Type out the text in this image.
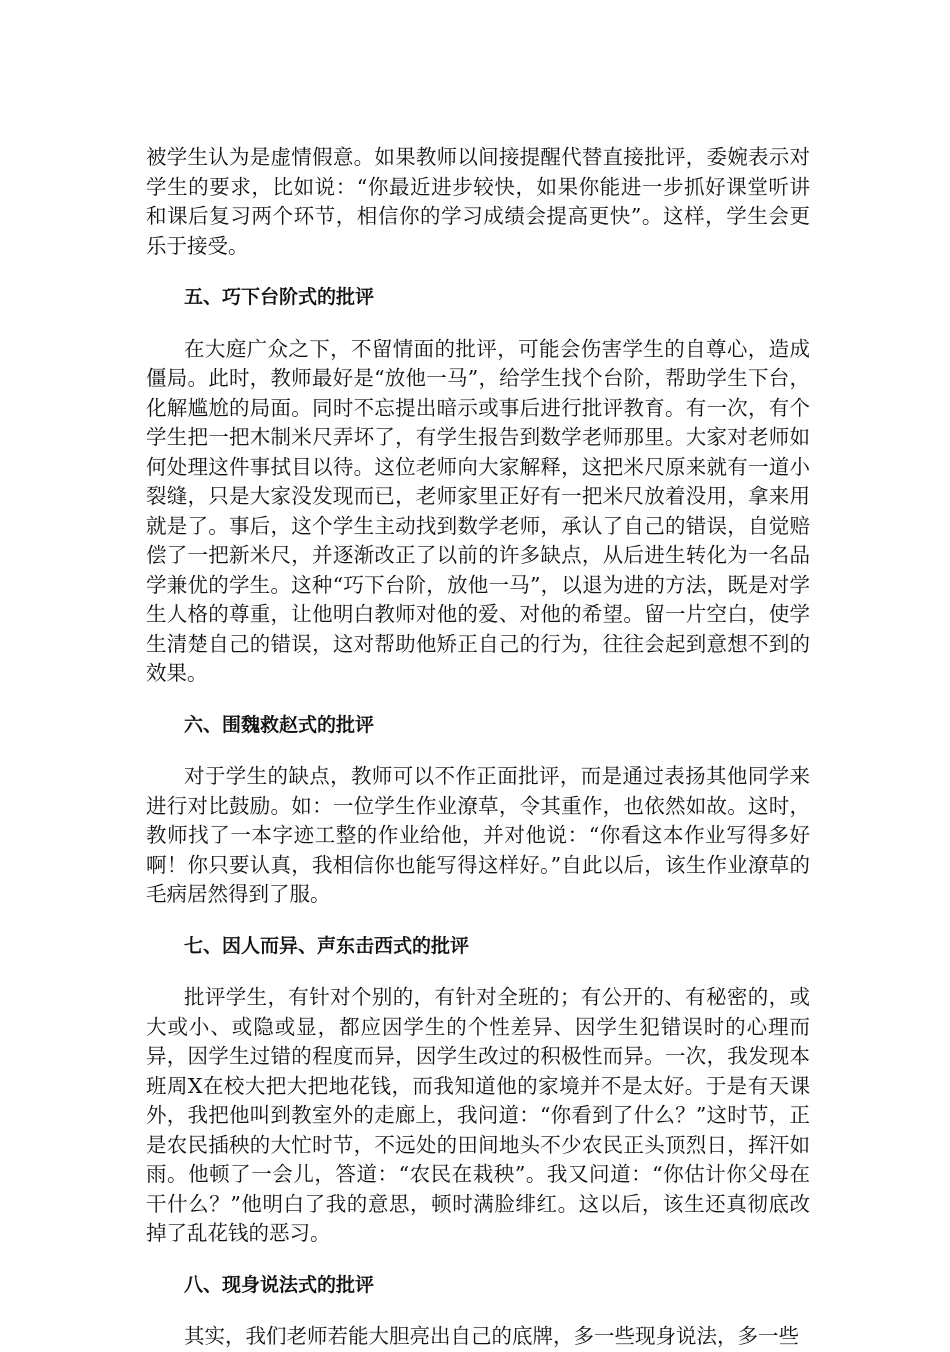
被学生认为是虚情假意。如果教师以间接提醒代替直接批评，委婉表示对学生的要求，比如说：“你最近进步较快，如果你能进一步抓好课堂听讲和课后复习两个环节，相信你的学习成绩会提高更快”。这样，学生会更乐于接受。

五、巧下台阶式的批评

在大庭广众之下，不留情面的批评，可能会伤害学生的自尊心，造成僵局。此时，教师最好是“放他一马”，给学生找个台阶，帮助学生下台，化解尴尬的局面。同时不忘提出暗示或事后进行批评教育。有一次，有个学生把一把木制米尺弄坏了，有学生报告到数学老师那里。大家对老师如何处理这件事拭目以待。这位老师向大家解释，这把米尺原来就有一道小裂缝，只是大家没发现而已，老师家里正好有一把米尺放着没用，拿来用就是了。事后，这个学生主动找到数学老师，承认了自己的错误，自觉赔偿了一把新米尺，并逐渐改正了以前的许多缺点，从后进生转化为一名品学兼优的学生。这种“巧下台阶，放他一马”，以退为进的方法，既是对学生人格的尊重，让他明白教师对他的爱、对他的希望。留一片空白，使学生清楚自己的错误，这对帮助他矫正自己的行为，往往会起到意想不到的效果。

六、围魏救赵式的批评

对于学生的缺点，教师可以不作正面批评，而是通过表扬其他同学来进行对比鼓励。如：一位学生作业潦草，令其重作，也依然如故。这时，教师找了一本字迹工整的作业给他，并对他说：“你看这本作业写得多好啊！你只要认真，我相信你也能写得这样好。”自此以后，该生作业潦草的毛病居然得到了服。

七、因人而异、声东击西式的批评

批评学生，有针对个别的，有针对全班的；有公开的、有秘密的，或大或小、或隐或显，都应因学生的个性差异、因学生犯错误时的心理而异，因学生过错的程度而异，因学生改过的积极性而异。一次，我发现本班周X在校大把大把地花钱，而我知道他的家境并不是太好。于是有天课外，我把他叫到教室外的走廊上，我问道：“你看到了什么？”这时节，正是农民插秧的大忙时节，不远处的田间地头不少农民正头顶烈日，挥汗如雨。他顿了一会儿，答道：“农民在栽秧”。我又问道：“你估计你父母在干什么？”他明白了我的意思，顿时满脸绯红。这以后，该生还真彻底改掉了乱花钱的恶习。

八、现身说法式的批评

其实，我们老师若能大胆亮出自己的底牌，多一些现身说法，多一些
